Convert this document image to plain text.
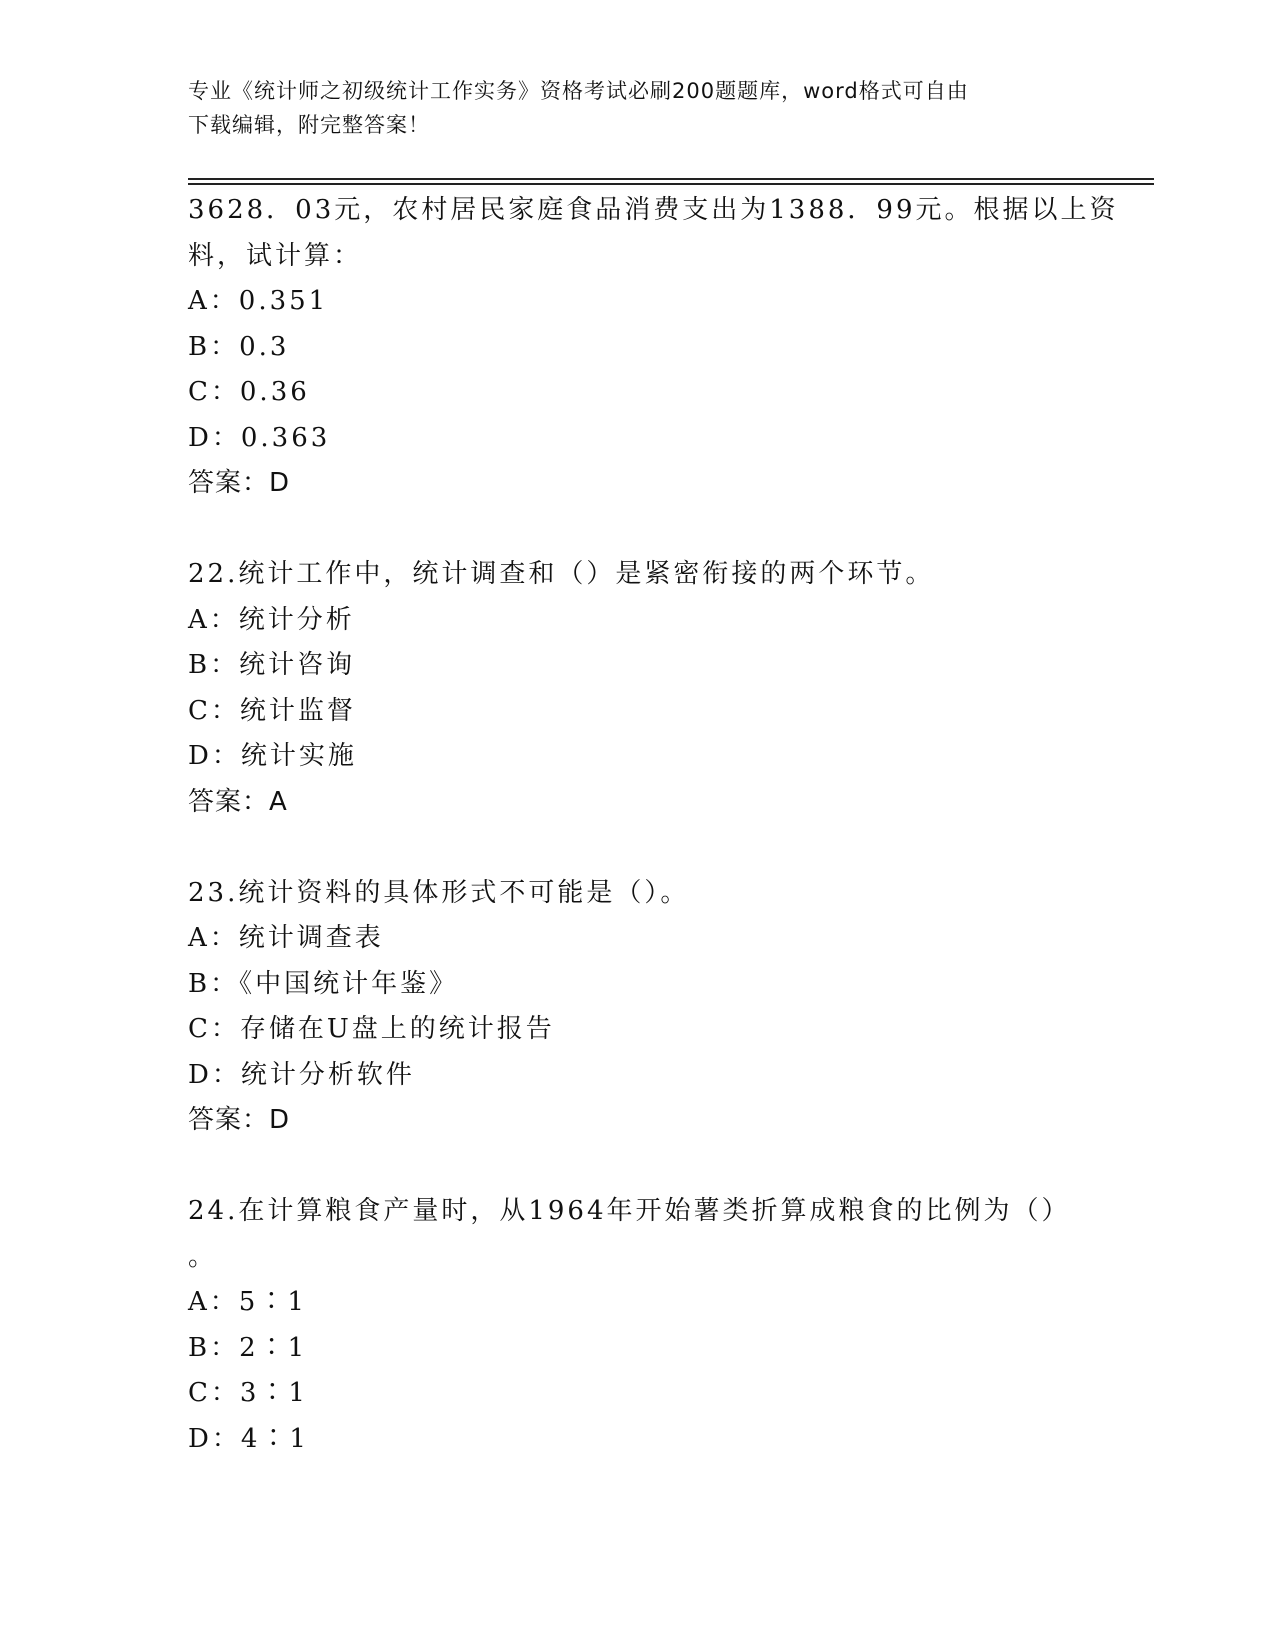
专业《统计师之初级统计工作实务》资格考试必刷200题题库，word格式可自由
下载编辑，附完整答案！
3628．03元，农村居民家庭食品消费支出为1388．99元。根据以上资
料，试计算：
A：0.351
B：0.3
C：0.36
D：0.363
答案：D
22.统计工作中，统计调查和（）是紧密衔接的两个环节。
A：统计分析
B：统计咨询
C：统计监督
D：统计实施
答案：A
23.统计资料的具体形式不可能是（）。
A：统计调查表
B：《中国统计年鉴》
C：存储在U盘上的统计报告
D：统计分析软件
答案：D
24.在计算粮食产量时，从1964年开始薯类折算成粮食的比例为（）
。
A：5∶1
B：2∶1
C：3∶1
D：4∶1
